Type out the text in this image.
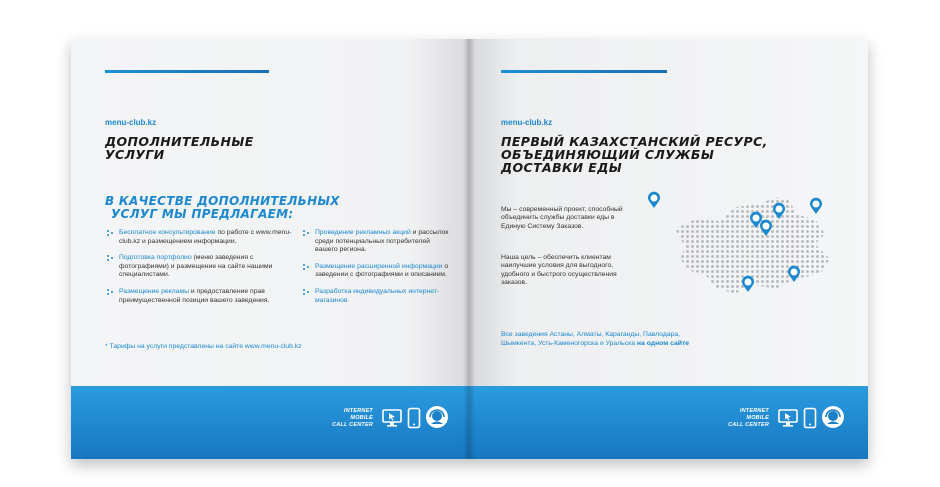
menu-club.kz
ДОПОЛНИТЕЛЬНЫЕ
УСЛУГИ
В КАЧЕСТВЕ ДОПОЛНИТЕЛЬНЫХ
УСЛУГ МЫ ПРЕДЛАГАЕМ:
Бесплатное консультирование по работе с www.menu-club.kz и размещением информации.
Подготовка портфолио (меню заведения с фотографиями) и размещение на сайте нашими специалистами.
Размещение рекламы и предоставление прав преимущественной позиции вашего заведения.
Проведение рекламных акций и рассылок среди потенциальных потребителей вашего региона.
Размещение расширенной информации о заведении с фотографиями и описанием.
Разработка индивидуальных интернет-магазинов.
* Тарифы на услуги представлены на сайте www.menu-club.kz
INTERNET
MOBILE
CALL CENTER
menu-club.kz
ПЕРВЫЙ КАЗАХСТАНСКИЙ РЕСУРС,
ОБЪЕДИНЯЮЩИЙ СЛУЖБЫ
ДОСТАВКИ ЕДЫ
Мы – современный проект, способный объединить службы доставки еды в Единую Систему Заказов.
Наша цель – обеспечить клиентам наилучшие условия для выгодного, удобного и быстрого осуществления заказов.
Все заведения Астаны, Алматы, Караганды, Павлодара, Шымкента, Усть-Каменогорска и Уральска на одном сайте
INTERNET
MOBILE
CALL CENTER
